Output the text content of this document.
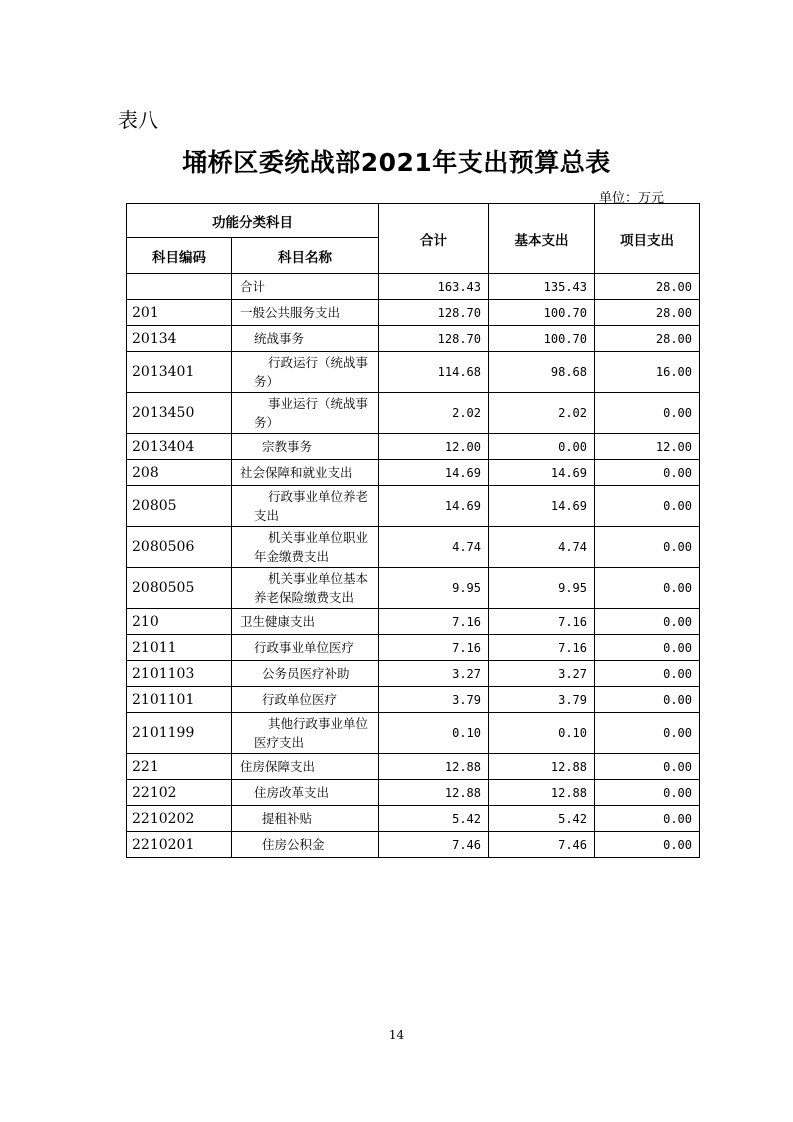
表八
埇桥区委统战部2021年支出预算总表
单位：万元
功能分类科目		合计	基本支出	项目支出
科目编码	科目名称			
	合计	163.43	135.43	28.00
201	一般公共服务支出	128.70	100.70	28.00
20134	统战事务	128.70	100.70	28.00
2013401	行政运行（统战事务）	114.68	98.68	16.00
2013450	事业运行（统战事务）	2.02	2.02	0.00
2013404	宗教事务	12.00	0.00	12.00
208	社会保障和就业支出	14.69	14.69	0.00
20805	行政事业单位养老支出	14.69	14.69	0.00
2080506	机关事业单位职业年金缴费支出	4.74	4.74	0.00
2080505	机关事业单位基本养老保险缴费支出	9.95	9.95	0.00
210	卫生健康支出	7.16	7.16	0.00
21011	行政事业单位医疗	7.16	7.16	0.00
2101103	公务员医疗补助	3.27	3.27	0.00
2101101	行政单位医疗	3.79	3.79	0.00
2101199	其他行政事业单位医疗支出	0.10	0.10	0.00
221	住房保障支出	12.88	12.88	0.00
22102	住房改革支出	12.88	12.88	0.00
2210202	提租补贴	5.42	5.42	0.00
2210201	住房公积金	7.46	7.46	0.00
14
